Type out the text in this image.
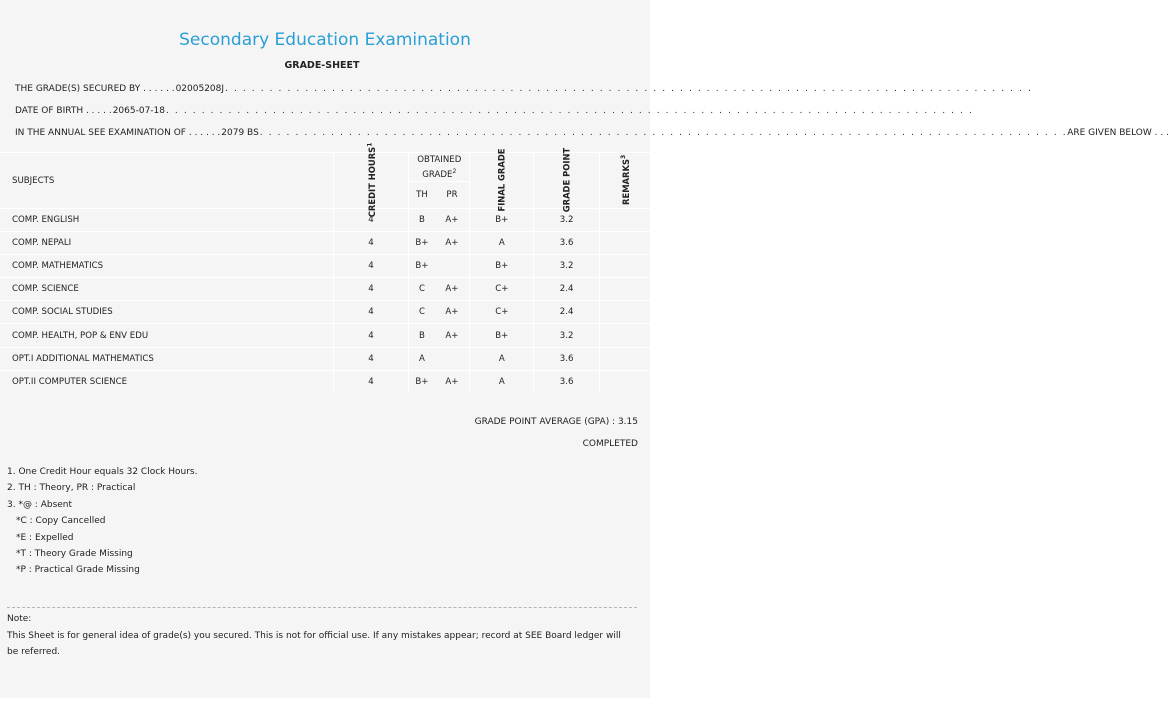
Secondary Education Examination
GRADE-SHEET
THE GRADE(S) SECURED BY . . . . . . 02005208J . . . . . . . . . . . . . . . . . . . . . . . . . . . . . . . . . . . . . . . . . . . . . . . . . . . . . . . . . . . . . . . . . . . . . . . . . . . . . . . . . . . . . . . . . . .
DATE OF BIRTH . . . . . 2065-07-18 . . . . . . . . . . . . . . . . . . . . . . . . . . . . . . . . . . . . . . . . . . . . . . . . . . . . . . . . . . . . . . . . . . . . . . . . . . . . . . . . . . . . . . . . . . .
IN THE ANNUAL SEE EXAMINATION OF . . . . . . 2079 BS . . . . . . . . . . . . . . . . . . . . . . . . . . . . . . . . . . . . . . . . . . . . . . . . . . . . . . . . . . . . . . . . . . . . . . . . . . . . . . . . . . . . . . . . . . . ARE GIVEN BELOW . . .
SUBJECTS	CREDIT HOURS$^1$	OBTAINED GRADE$^2$		FINAL GRADE	GRADE POINT	REMARKS$^3$
		TH	PR			
COMP. ENGLISH	4	B	A+	B+	3.2	
COMP. NEPALI	4	B+	A+	A	3.6	
COMP. MATHEMATICS	4	B+		B+	3.2	
COMP. SCIENCE	4	C	A+	C+	2.4	
COMP. SOCIAL STUDIES	4	C	A+	C+	2.4	
COMP. HEALTH, POP & ENV EDU	4	B	A+	B+	3.2	
OPT.I ADDITIONAL MATHEMATICS	4	A		A	3.6	
OPT.II COMPUTER SCIENCE	4	B+	A+	A	3.6	
GRADE POINT AVERAGE (GPA) : 3.15
COMPLETED
1. One Credit Hour equals 32 Clock Hours.
2. TH : Theory, PR : Practical
3. *@ : Absent
*C : Copy Cancelled
*E : Expelled
*T : Theory Grade Missing
*P : Practical Grade Missing
Note:
This Sheet is for general idea of grade(s) you secured. This is not for official use. If any mistakes appear; record at SEE Board ledger will be referred.
